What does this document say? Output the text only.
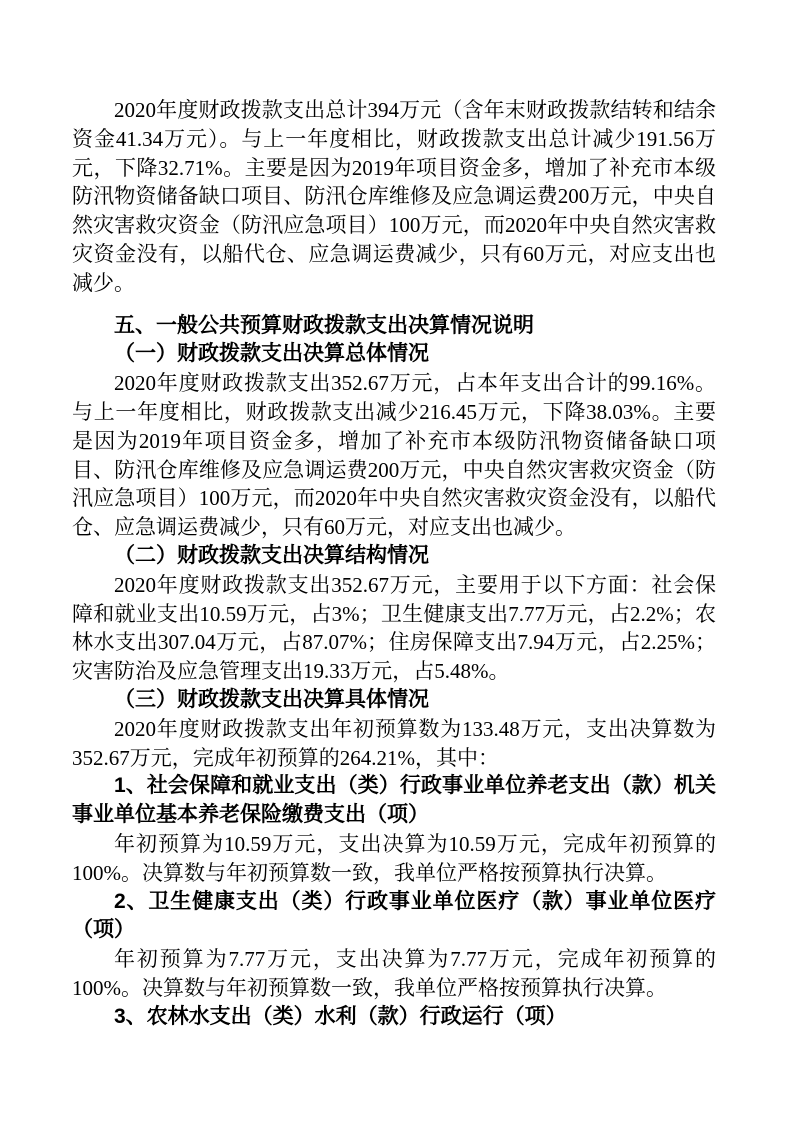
2020年度财政拨款支出总计394万元（含年末财政拨款结转和结余资金41.34万元）。与上一年度相比，财政拨款支出总计减少191.56万元，下降32.71%。主要是因为2019年项目资金多，增加了补充市本级防汛物资储备缺口项目、防汛仓库维修及应急调运费200万元，中央自然灾害救灾资金（防汛应急项目）100万元，而2020年中央自然灾害救灾资金没有，以船代仓、应急调运费减少，只有60万元，对应支出也减少。

五、一般公共预算财政拨款支出决算情况说明

（一）财政拨款支出决算总体情况

2020年度财政拨款支出352.67万元，占本年支出合计的99.16%。与上一年度相比，财政拨款支出减少216.45万元，下降38.03%。主要是因为2019年项目资金多，增加了补充市本级防汛物资储备缺口项目、防汛仓库维修及应急调运费200万元，中央自然灾害救灾资金（防汛应急项目）100万元，而2020年中央自然灾害救灾资金没有，以船代仓、应急调运费减少，只有60万元，对应支出也减少。

（二）财政拨款支出决算结构情况

2020年度财政拨款支出352.67万元，主要用于以下方面：社会保障和就业支出10.59万元，占3%；卫生健康支出7.77万元，占2.2%；农林水支出307.04万元，占87.07%；住房保障支出7.94万元，占2.25%；灾害防治及应急管理支出19.33万元，占5.48%。

（三）财政拨款支出决算具体情况

2020年度财政拨款支出年初预算数为133.48万元，支出决算数为352.67万元，完成年初预算的264.21%，其中：

1、社会保障和就业支出（类）行政事业单位养老支出（款）机关事业单位基本养老保险缴费支出（项）

年初预算为10.59万元，支出决算为10.59万元，完成年初预算的100%。决算数与年初预算数一致，我单位严格按预算执行决算。

2、卫生健康支出（类）行政事业单位医疗（款）事业单位医疗（项）

年初预算为7.77万元，支出决算为7.77万元，完成年初预算的100%。决算数与年初预算数一致，我单位严格按预算执行决算。

3、农林水支出（类）水利（款）行政运行（项）
